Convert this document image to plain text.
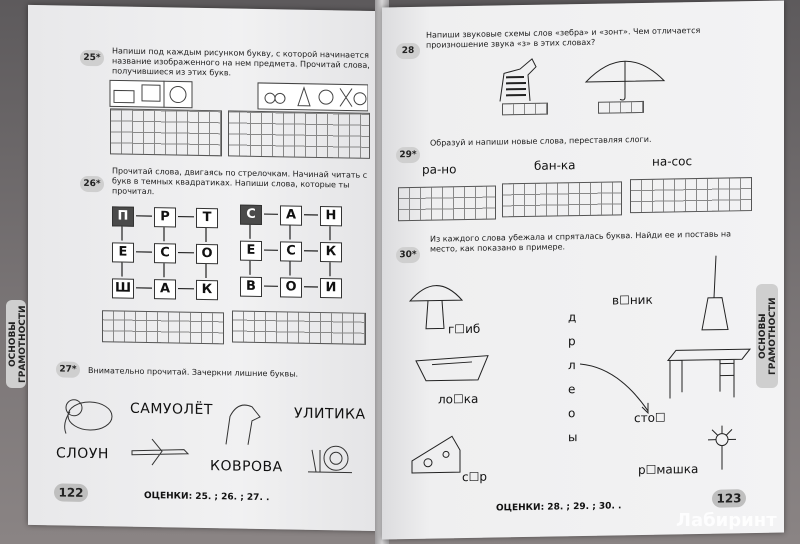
25*	Напиши под каждым рисунком букву, с которой начинается название изображенного на нем предмета. Прочитай слова, получившиеся из этих букв.
26*
Прочитай слова, двигаясь по стрелочкам. Начинай читать с букв в темных квадратиках. Напиши слова, которые ты прочитал.
П	Р	Т
Е	С	О
Ш	А	К
С	А	Н
Е	С	К
В	О	И
27*	Внимательно прочитай. Зачеркни лишние буквы.
САМУОЛЁТ	УЛИТИКА
СЛОУН
КОВРОВА
122	ОЦЕНКИ: 25. ; 26. ; 27. .
ОСНОВЫ ГРАМОТНОСТИ
28
Напиши звуковые схемы слов «зебра» и «зонт». Чем отличается произношение звука «з» в этих словах?
29*
Образуй и напиши новые слова, переставляя слоги.
ра-но	бан-ка	на-сос
30*
Из каждого слова убежала и спряталась буква. Найди ее и поставь на место, как показано в примере.
г☐иб
в☐ник
д
р
л
е
о
ы
ло☐ка
сто☐
с☐р	р☐машка
ОЦЕНКИ: 28. ; 29. ; 30. .
123
ОСНОВЫ ГРАМОТНОСТИ
Лабиринт
